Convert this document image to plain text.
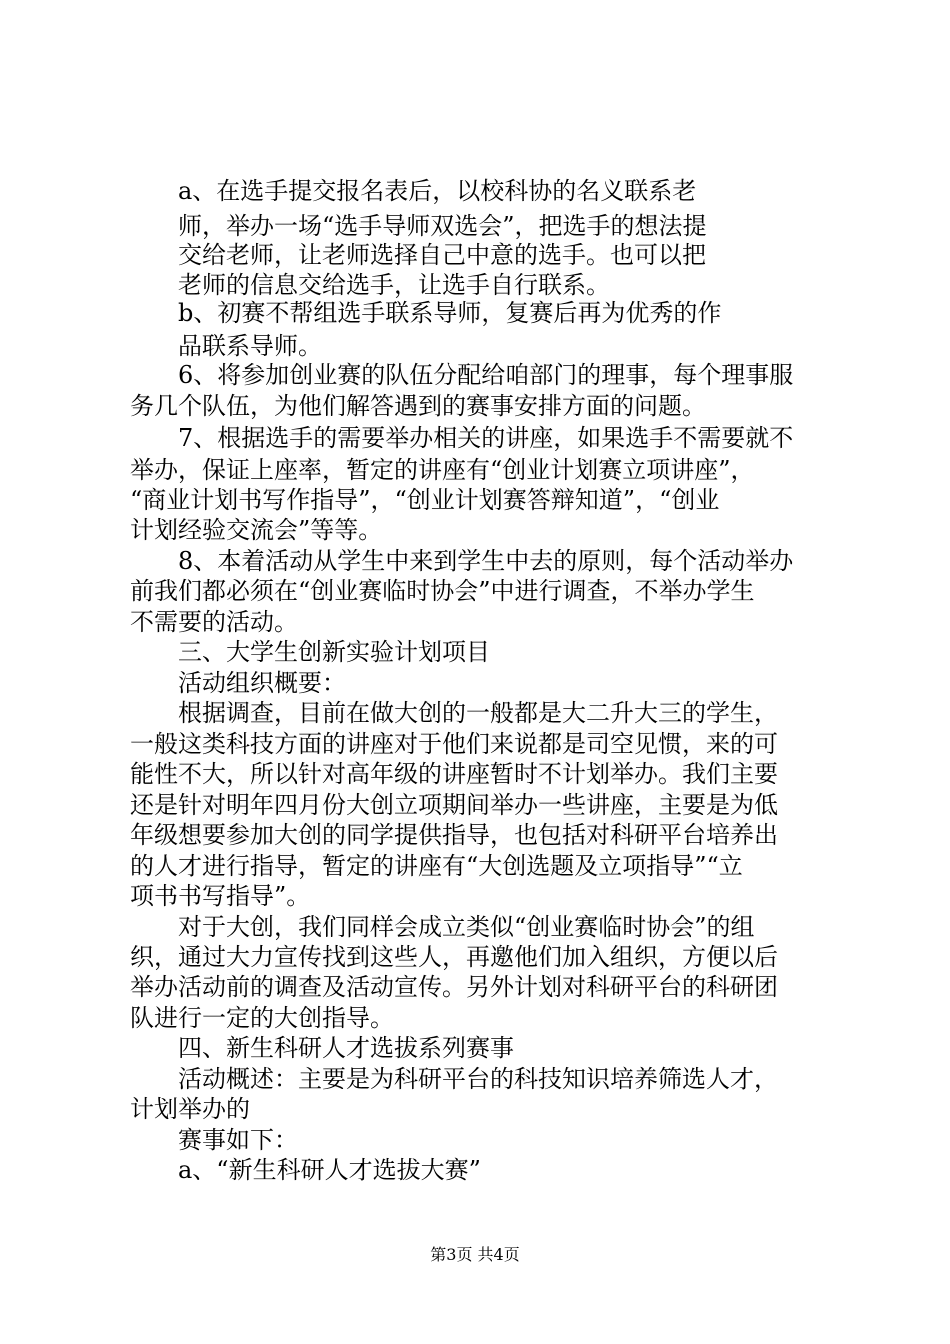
a、在选手提交报名表后，以校科协的名义联系老
师，举办一场“选手导师双选会”，把选手的想法提
交给老师，让老师选择自己中意的选手。也可以把
老师的信息交给选手，让选手自行联系。
b、初赛不帮组选手联系导师，复赛后再为优秀的作
品联系导师。
6、将参加创业赛的队伍分配给咱部门的理事，每个理事服
务几个队伍，为他们解答遇到的赛事安排方面的问题。
7、根据选手的需要举办相关的讲座，如果选手不需要就不
举办，保证上座率，暂定的讲座有“创业计划赛立项讲座”，
“商业计划书写作指导”，“创业计划赛答辩知道”，“创业
计划经验交流会”等等。
8、本着活动从学生中来到学生中去的原则，每个活动举办
前我们都必须在“创业赛临时协会”中进行调查，不举办学生
不需要的活动。
三、大学生创新实验计划项目
活动组织概要：
根据调查，目前在做大创的一般都是大二升大三的学生，
一般这类科技方面的讲座对于他们来说都是司空见惯，来的可
能性不大，所以针对高年级的讲座暂时不计划举办。我们主要
还是针对明年四月份大创立项期间举办一些讲座，主要是为低
年级想要参加大创的同学提供指导，也包括对科研平台培养出
的人才进行指导，暂定的讲座有“大创选题及立项指导”“立
项书书写指导”。
对于大创，我们同样会成立类似“创业赛临时协会”的组
织，通过大力宣传找到这些人，再邀他们加入组织，方便以后
举办活动前的调查及活动宣传。另外计划对科研平台的科研团
队进行一定的大创指导。
四、新生科研人才选拔系列赛事
活动概述：主要是为科研平台的科技知识培养筛选人才，
计划举办的
赛事如下：
a、“新生科研人才选拔大赛”
第3页 共4页
